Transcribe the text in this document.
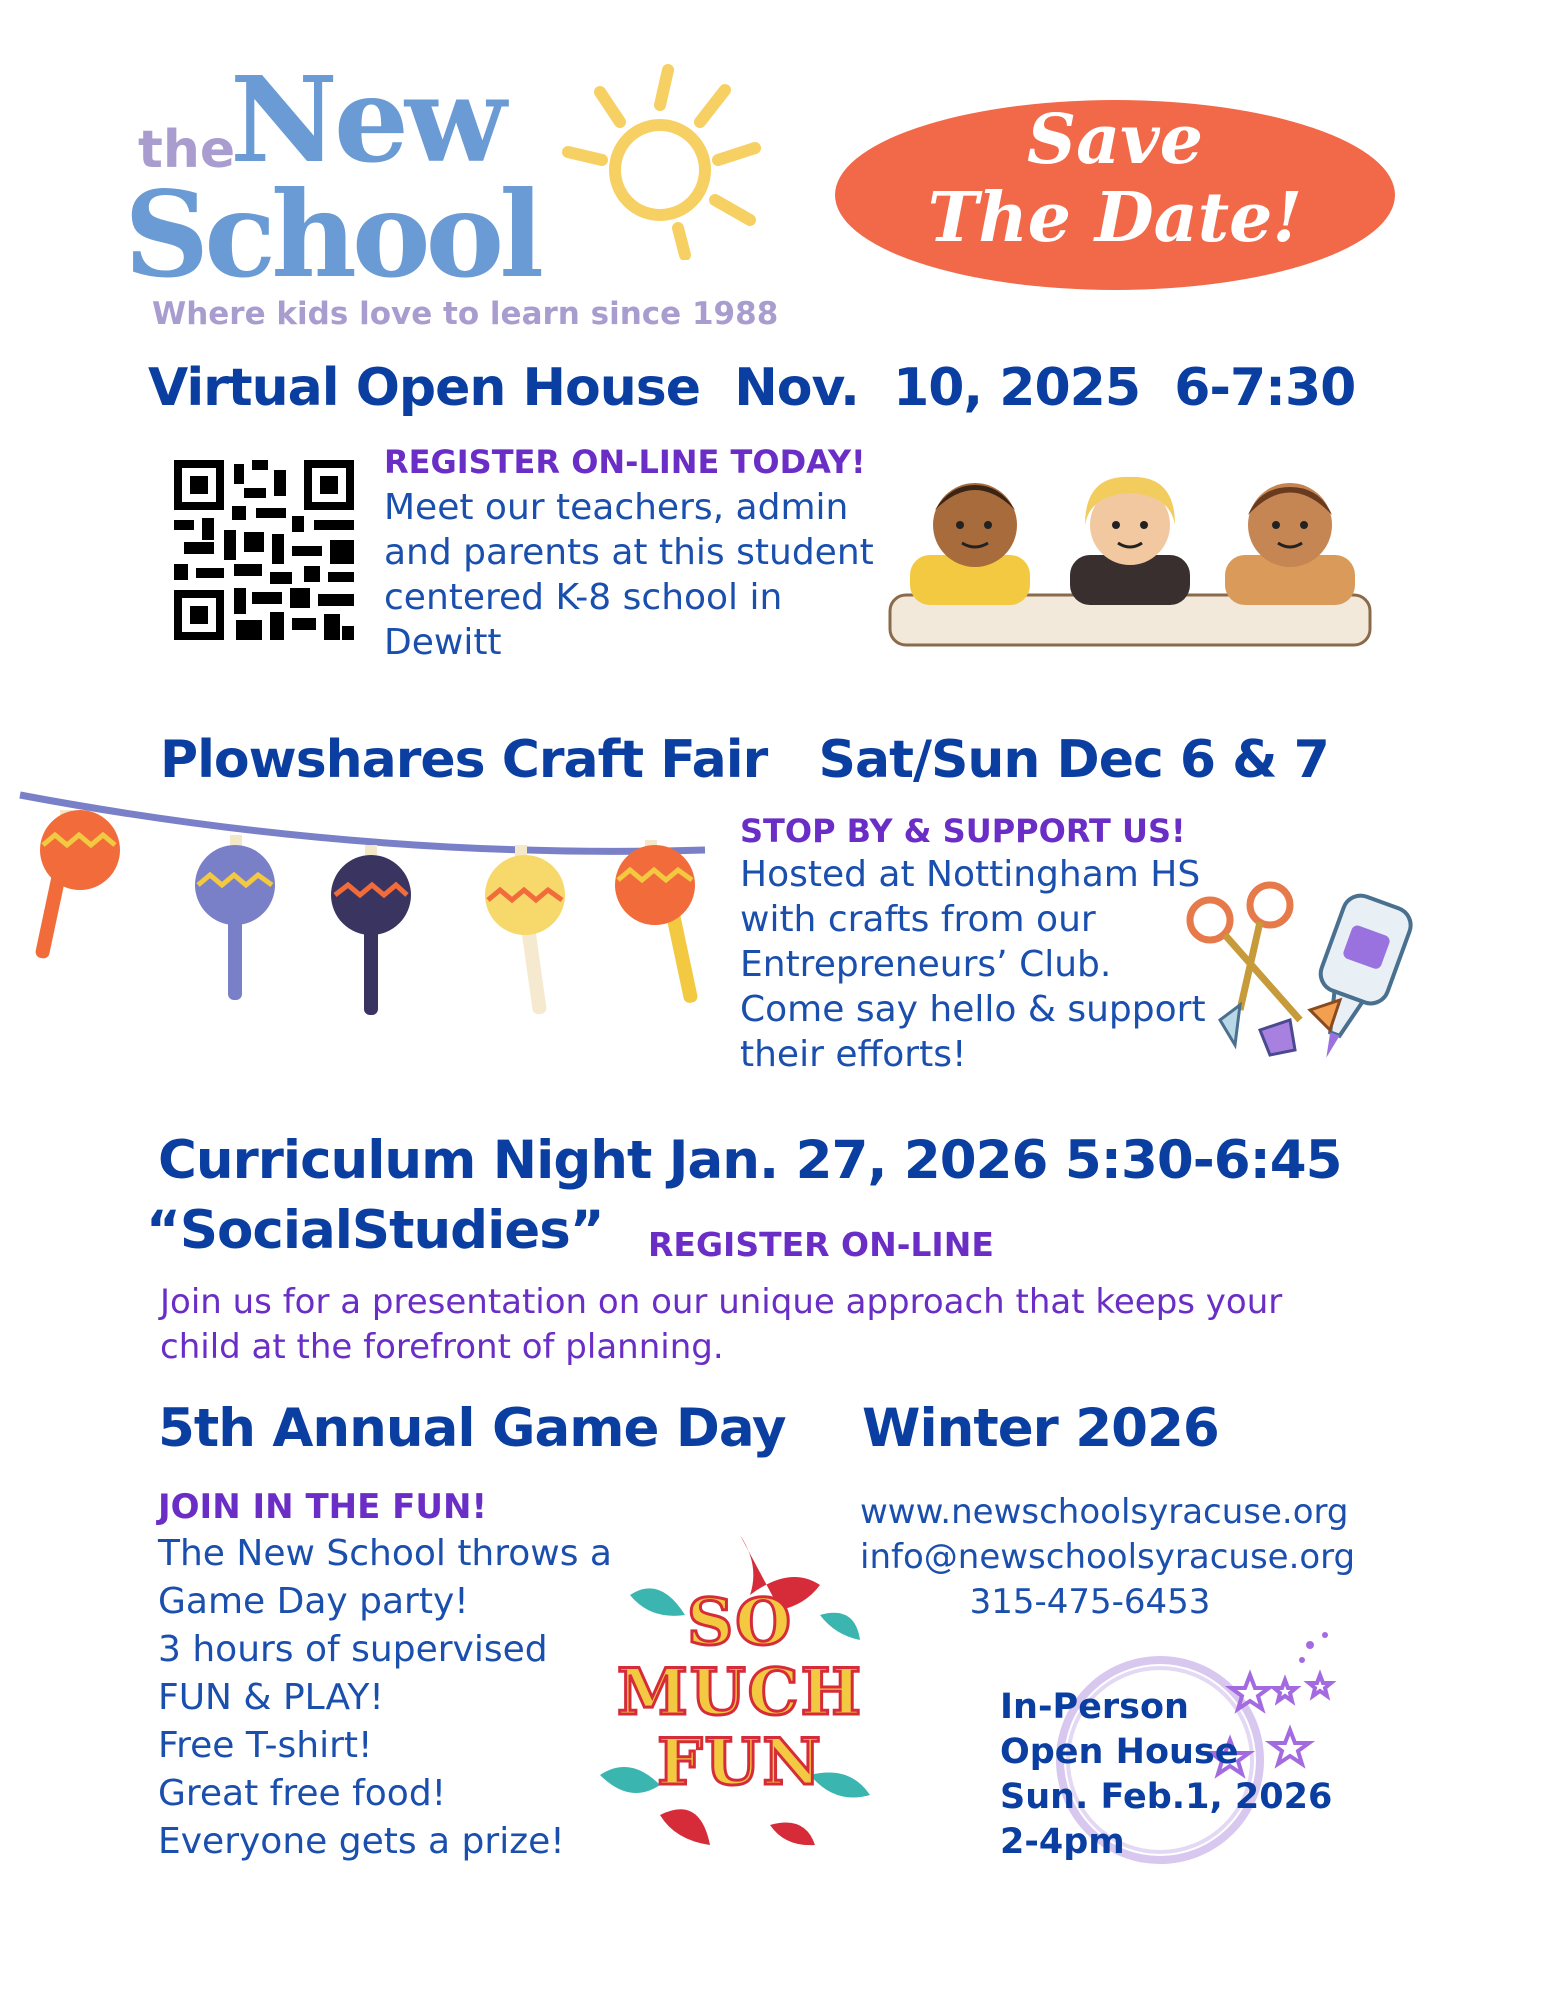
the
New
School
Where kids love to learn since 1988
Save
The Date!
Virtual Open House  Nov.  10, 2025  6-7:30
REGISTER ON-LINE TODAY!
Meet our teachers, admin
and parents at this student
centered K-8 school in
Dewitt
Plowshares Craft Fair   Sat/Sun Dec 6 & 7
STOP BY & SUPPORT US!
Hosted at Nottingham HS
with crafts from our
Entrepreneurs’ Club.
Come say hello & support
their efforts!
Curriculum Night Jan. 27, 2026 5:30-6:45
“SocialStudies” REGISTER ON-LINE
Join us for a presentation on our unique approach that keeps your
child at the forefront of planning.
5th Annual Game Day Winter 2026
JOIN IN THE FUN!
The New School throws a
Game Day party!
3 hours of supervised
FUN & PLAY!
Free T-shirt!
Great free food!
Everyone gets a prize!
SO
MUCH
FUN
www.newschoolsyracuse.org
info@newschoolsyracuse.org
315-475-6453
In-Person
Open House
Sun. Feb.1, 2026
2-4pm
